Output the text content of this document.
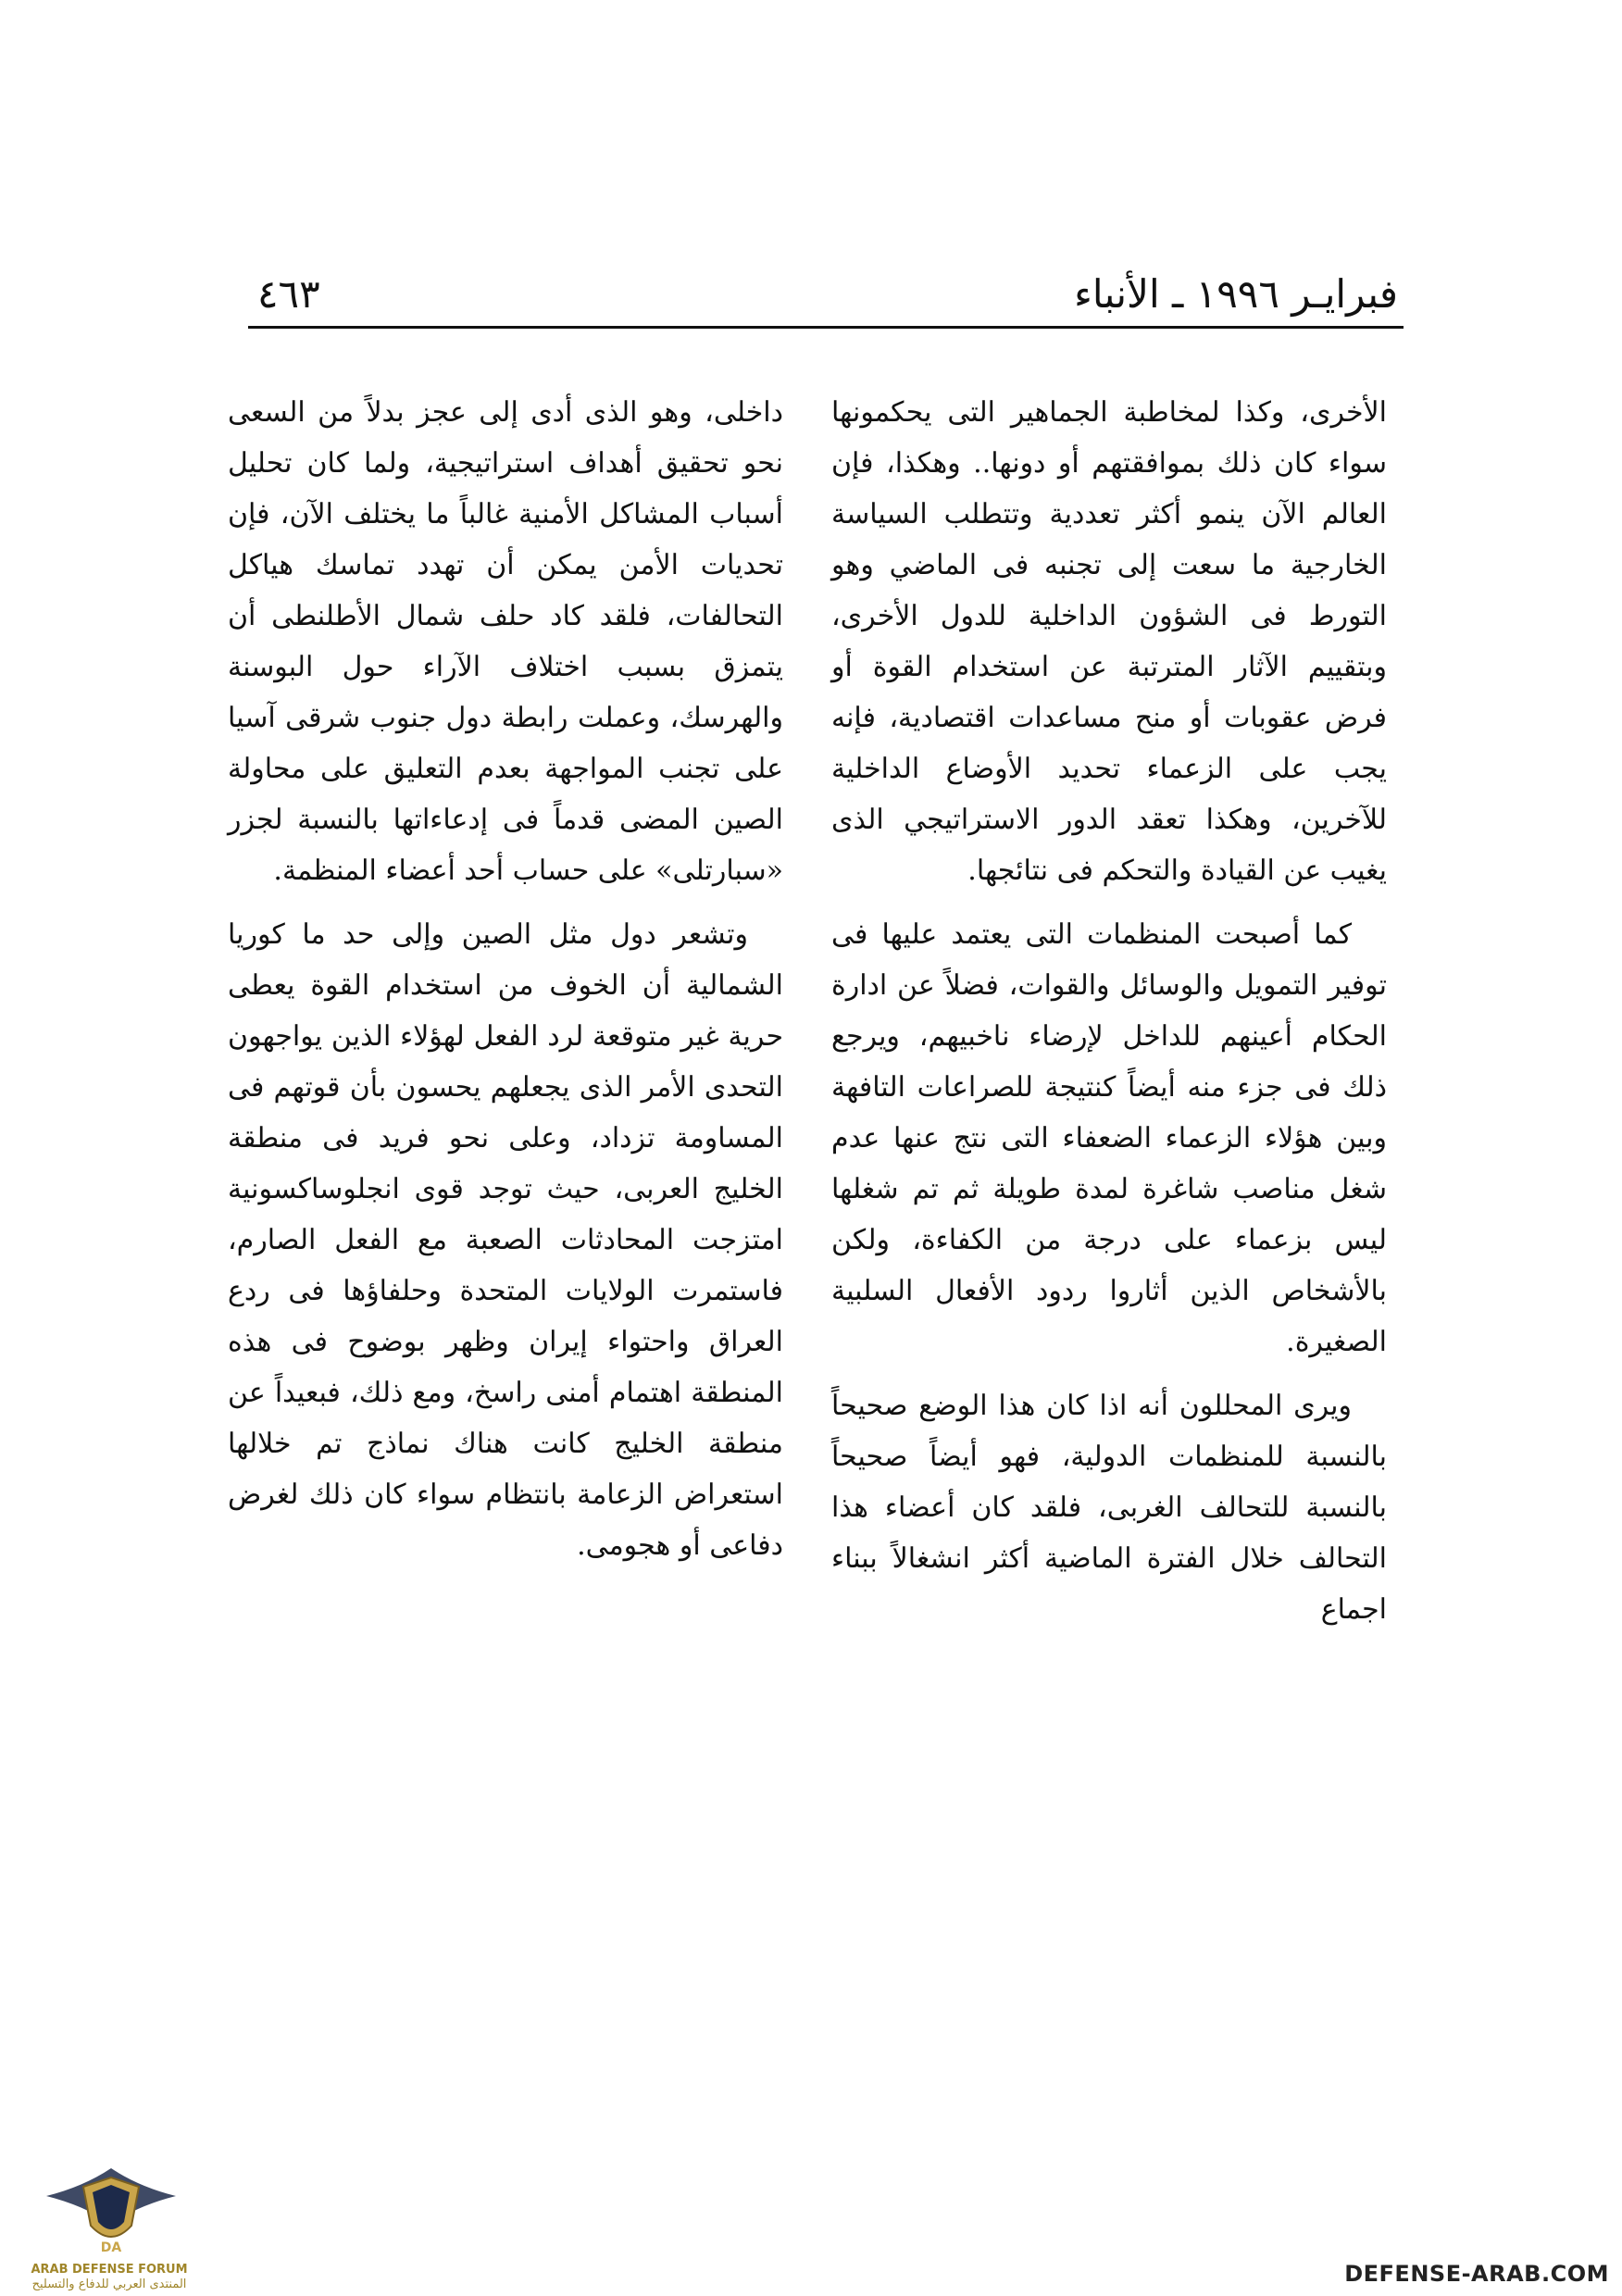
فبرايـر ١٩٩٦ ـ الأنباء
٤٦٣

الأخرى، وكذا لمخاطبة الجماهير التى يحكمونها سواء كان ذلك بموافقتهم أو دونها.. وهكذا، فإن العالم الآن ينمو أكثر تعددية وتتطلب السياسة الخارجية ما سعت إلى تجنبه فى الماضي وهو التورط فى الشؤون الداخلية للدول الأخرى، وبتقييم الآثار المترتبة عن استخدام القوة أو فرض عقوبات أو منح مساعدات اقتصادية، فإنه يجب على الزعماء تحديد الأوضاع الداخلية للآخرين، وهكذا تعقد الدور الاستراتيجي الذى يغيب عن القيادة والتحكم فى نتائجها.

كما أصبحت المنظمات التى يعتمد عليها فى توفير التمويل والوسائل والقوات، فضلاً عن ادارة الحكام أعينهم للداخل لإرضاء ناخبيهم، ويرجع ذلك فى جزء منه أيضاً كنتيجة للصراعات التافهة وبين هؤلاء الزعماء الضعفاء التى نتج عنها عدم شغل مناصب شاغرة لمدة طويلة ثم تم شغلها ليس بزعماء على درجة من الكفاءة، ولكن بالأشخاص الذين أثاروا ردود الأفعال السلبية الصغيرة.

ويرى المحللون أنه اذا كان هذا الوضع صحيحاً بالنسبة للمنظمات الدولية، فهو أيضاً صحيحاً بالنسبة للتحالف الغربى، فلقد كان أعضاء هذا التحالف خلال الفترة الماضية أكثر انشغالاً ببناء اجماع

داخلى، وهو الذى أدى إلى عجز بدلاً من السعى نحو تحقيق أهداف استراتيجية، ولما كان تحليل أسباب المشاكل الأمنية غالباً ما يختلف الآن، فإن تحديات الأمن يمكن أن تهدد تماسك هياكل التحالفات، فلقد كاد حلف شمال الأطلنطى أن يتمزق بسبب اختلاف الآراء حول البوسنة والهرسك، وعملت رابطة دول جنوب شرقى آسيا على تجنب المواجهة بعدم التعليق على محاولة الصين المضى قدماً فى إدعاءاتها بالنسبة لجزر «سبارتلى» على حساب أحد أعضاء المنظمة.

وتشعر دول مثل الصين وإلى حد ما كوريا الشمالية أن الخوف من استخدام القوة يعطى حرية غير متوقعة لرد الفعل لهؤلاء الذين يواجهون التحدى الأمر الذى يجعلهم يحسون بأن قوتهم فى المساومة تزداد، وعلى نحو فريد فى منطقة الخليج العربى، حيث توجد قوى انجلوساكسونية امتزجت المحادثات الصعبة مع الفعل الصارم، فاستمرت الولايات المتحدة وحلفاؤها فى ردع العراق واحتواء إيران وظهر بوضوح فى هذه المنطقة اهتمام أمنى راسخ، ومع ذلك، فبعيداً عن منطقة الخليج كانت هناك نماذج تم خلالها استعراض الزعامة بانتظام سواء كان ذلك لغرض دفاعى أو هجومى.

DA
ARAB DEFENSE FORUM
المنتدى العربي للدفاع والتسليح	DEFENSE-ARAB.COM
